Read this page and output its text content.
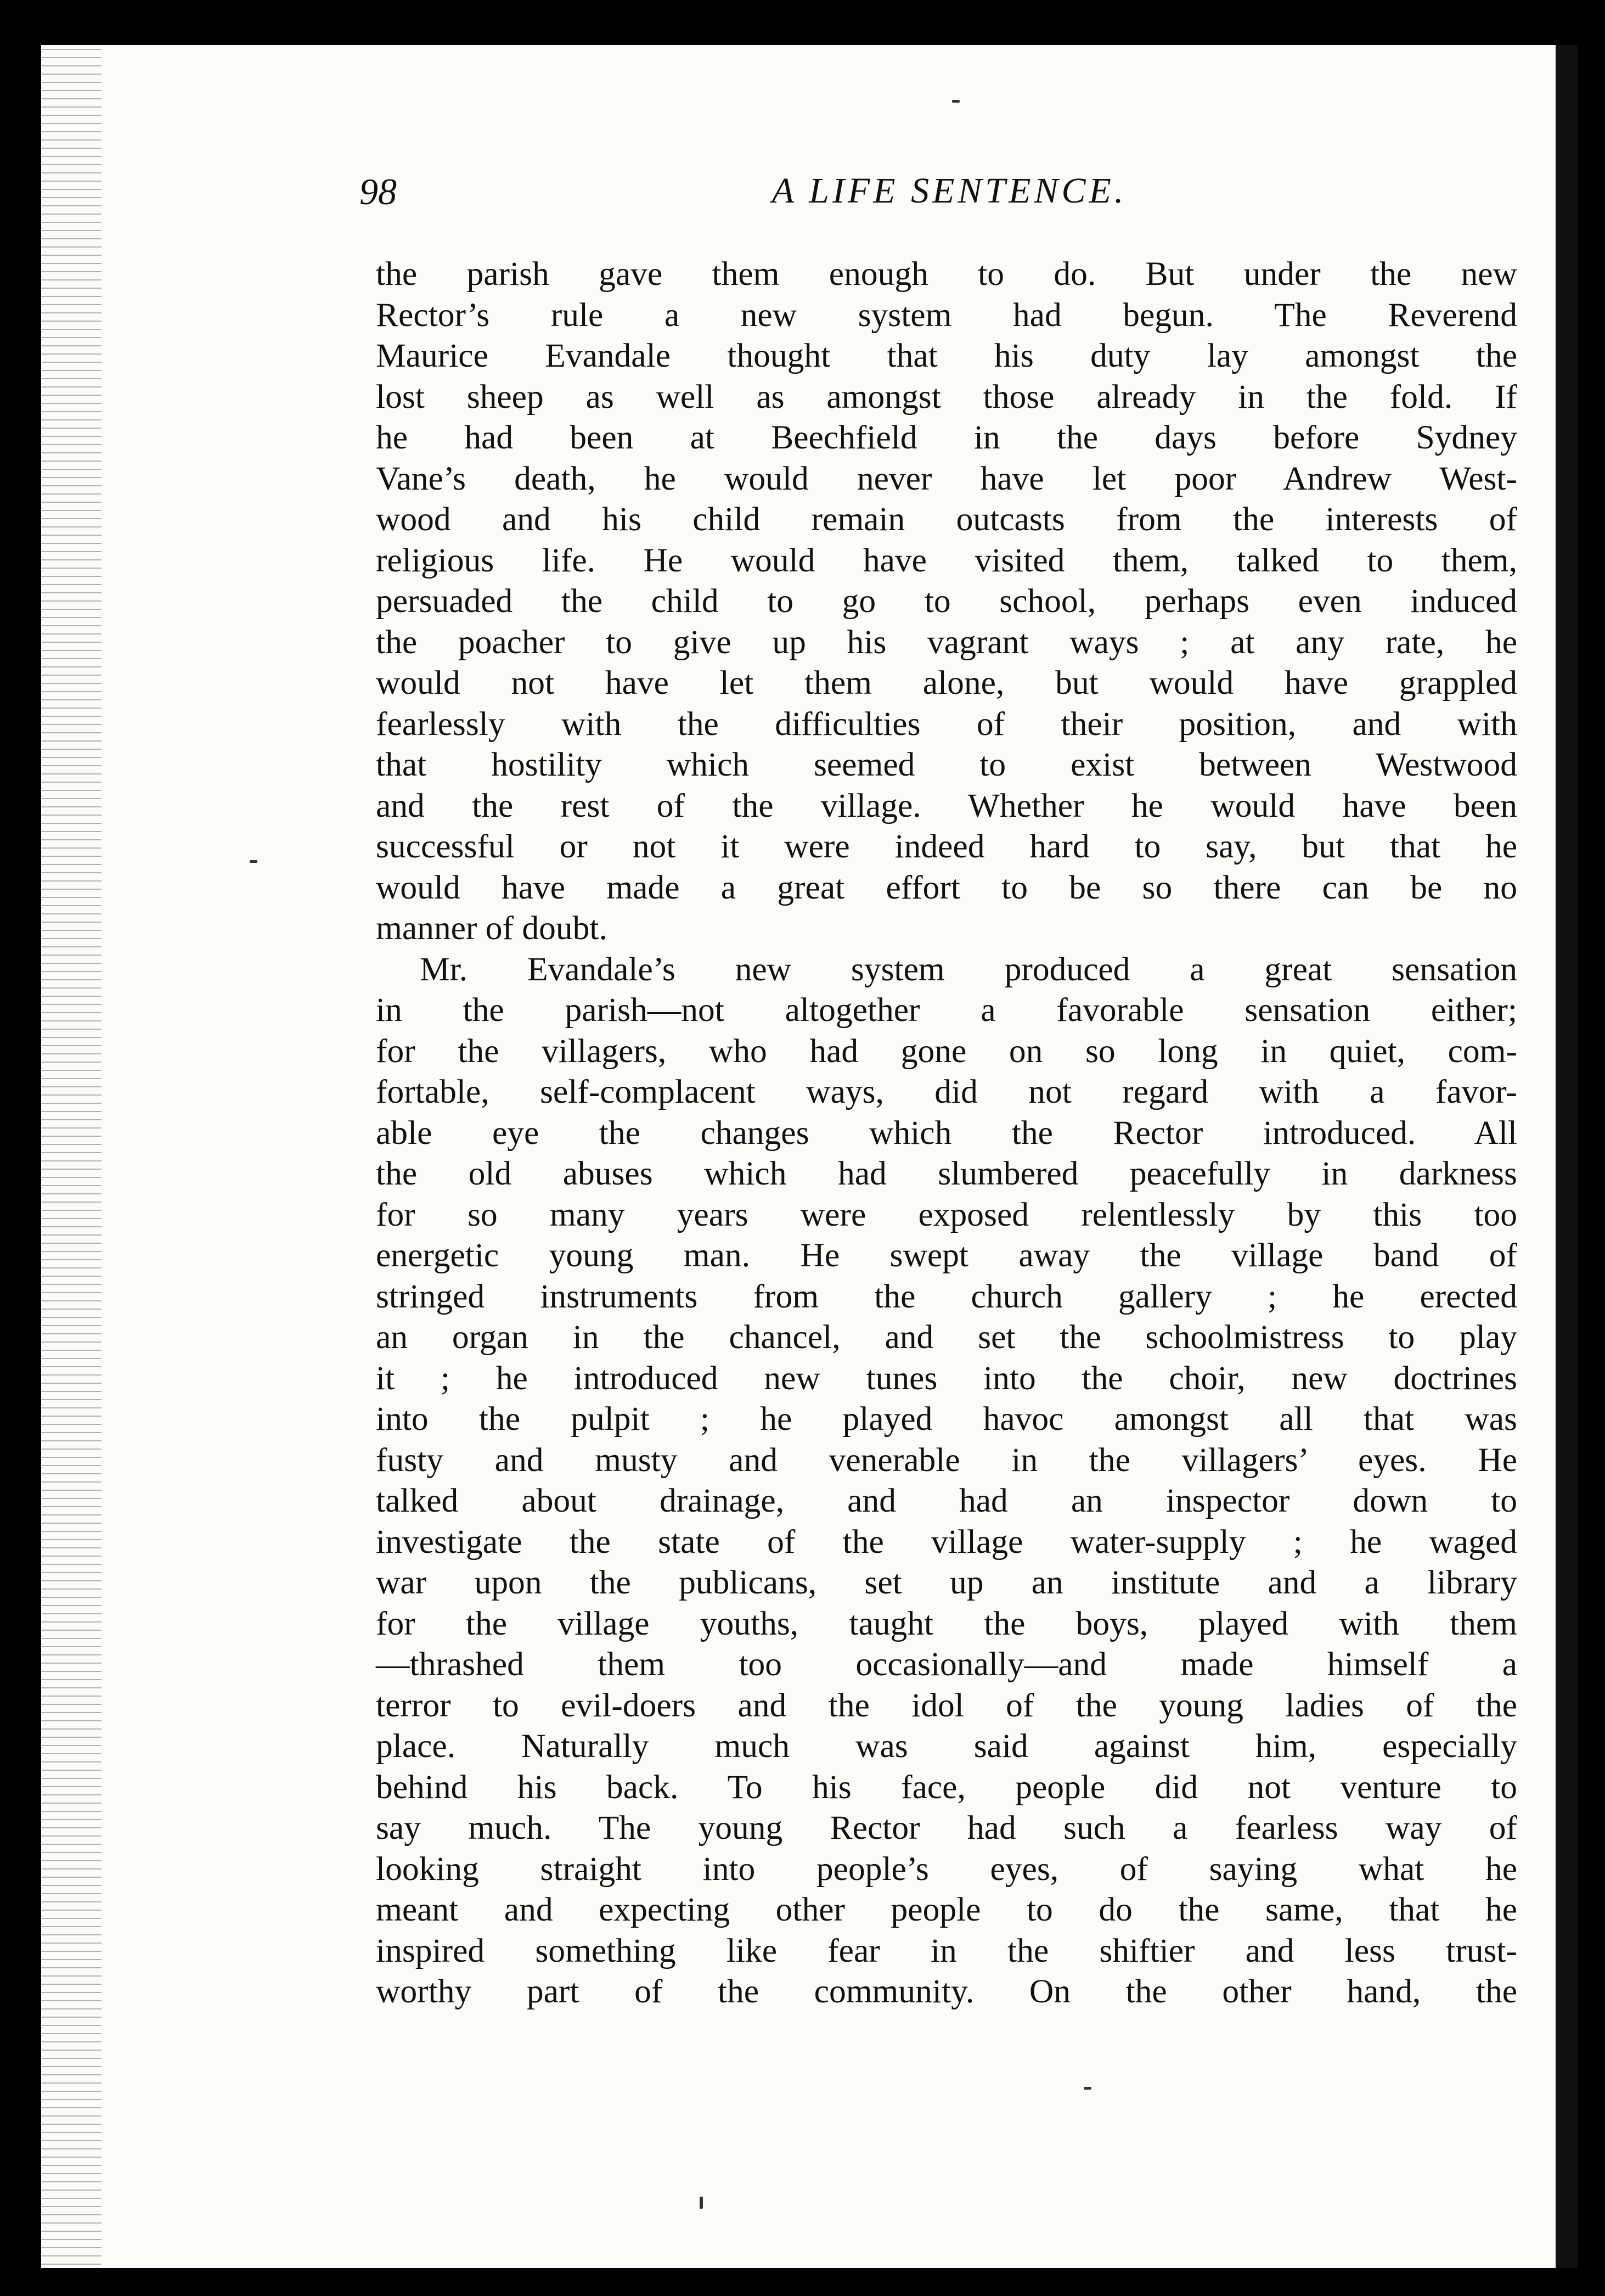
98	A LIFE SENTENCE.
the parish gave them enough to do. But under the new
Rector’s rule a new system had begun. The Reverend
Maurice Evandale thought that his duty lay amongst the
lost sheep as well as amongst those already in the fold. If
he had been at Beechfield in the days before Sydney
Vane’s death, he would never have let poor Andrew West-
wood and his child remain outcasts from the interests of
religious life. He would have visited them, talked to them,
persuaded the child to go to school, perhaps even induced
the poacher to give up his vagrant ways ; at any rate, he
would not have let them alone, but would have grappled
fearlessly with the difficulties of their position, and with
that hostility which seemed to exist between Westwood
and the rest of the village. Whether he would have been
successful or not it were indeed hard to say, but that he
would have made a great effort to be so there can be no
manner of doubt.
Mr. Evandale’s new system produced a great sensation
in the parish—not altogether a favorable sensation either;
for the villagers, who had gone on so long in quiet, com-
fortable, self-complacent ways, did not regard with a favor-
able eye the changes which the Rector introduced. All
the old abuses which had slumbered peacefully in darkness
for so many years were exposed relentlessly by this too
energetic young man. He swept away the village band of
stringed instruments from the church gallery ; he erected
an organ in the chancel, and set the schoolmistress to play
it ; he introduced new tunes into the choir, new doctrines
into the pulpit ; he played havoc amongst all that was
fusty and musty and venerable in the villagers’ eyes. He
talked about drainage, and had an inspector down to
investigate the state of the village water-supply ; he waged
war upon the publicans, set up an institute and a library
for the village youths, taught the boys, played with them
—thrashed them too occasionally—and made himself a
terror to evil-doers and the idol of the young ladies of the
place. Naturally much was said against him, especially
behind his back. To his face, people did not venture to
say much. The young Rector had such a fearless way of
looking straight into people’s eyes, of saying what he
meant and expecting other people to do the same, that he
inspired something like fear in the shiftier and less trust-
worthy part of the community. On the other hand, the
